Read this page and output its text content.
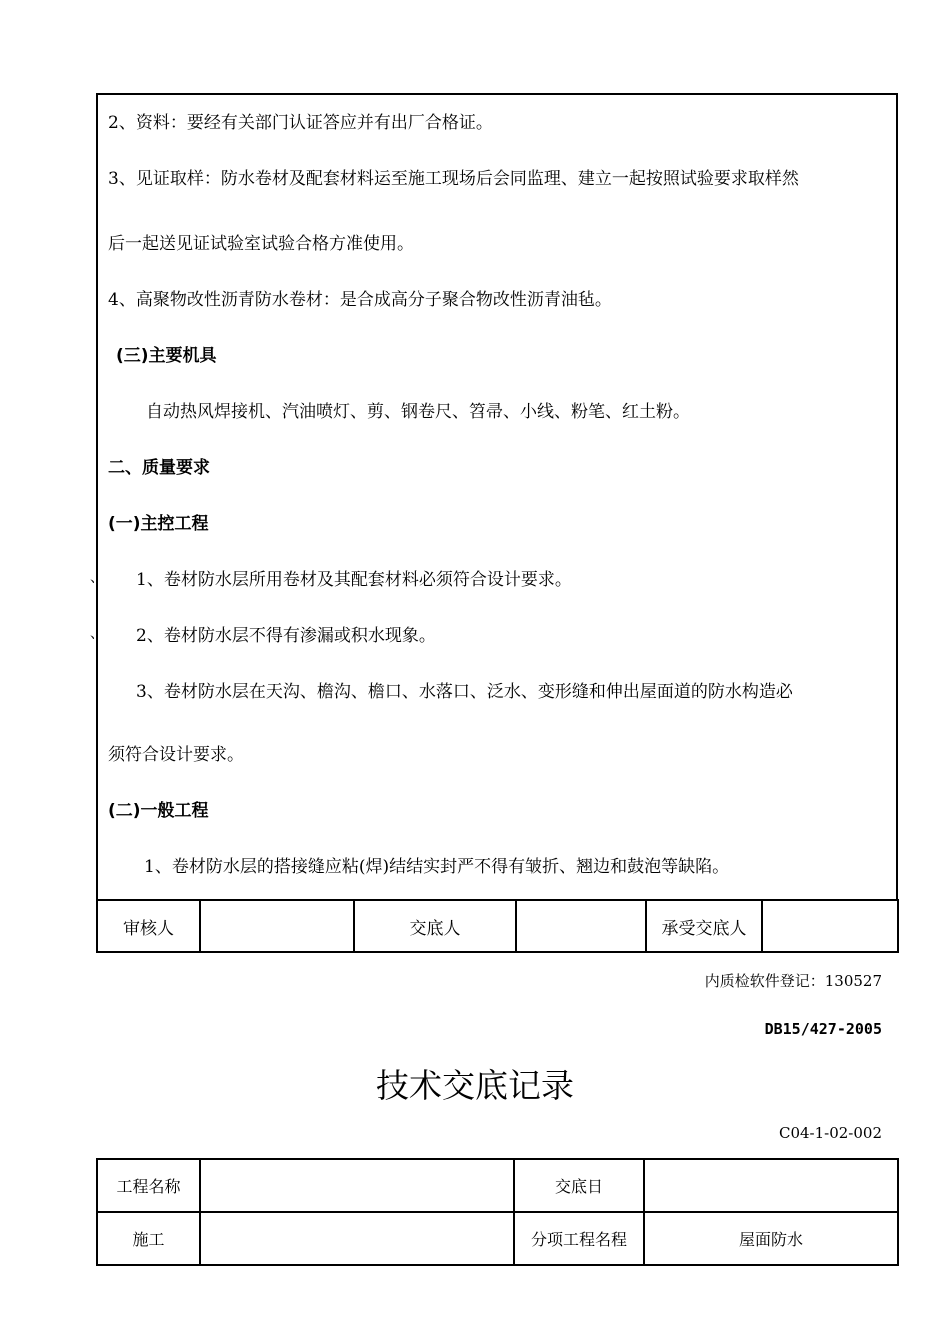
2、资料：要经有关部门认证答应并有出厂合格证。
3、见证取样：防水卷材及配套材料运至施工现场后会同监理、建立一起按照试验要求取样然
后一起送见证试验室试验合格方准使用。
4、高聚物改性沥青防水卷材：是合成高分子聚合物改性沥青油毡。
(三)主要机具
自动热风焊接机、汽油喷灯、剪、钢卷尺、笤帚、小线、粉笔、红土粉。
二、质量要求
(一)主控工程
、 1、卷材防水层所用卷材及其配套材料必须符合设计要求。
、 2、卷材防水层不得有渗漏或积水现象。
3、卷材防水层在天沟、檐沟、檐口、水落口、泛水、变形缝和伸出屋面道的防水构造必
须符合设计要求。
(二)一般工程
1、卷材防水层的搭接缝应粘(焊)结结实封严不得有皱折、翘边和鼓泡等缺陷。
审核人		交底人		承受交底人	
内质检软件登记：130527
DB15/427-2005
技术交底记录
C04-1-02-002
工程名称		交底日	
施工		分项工程名程	屋面防水
